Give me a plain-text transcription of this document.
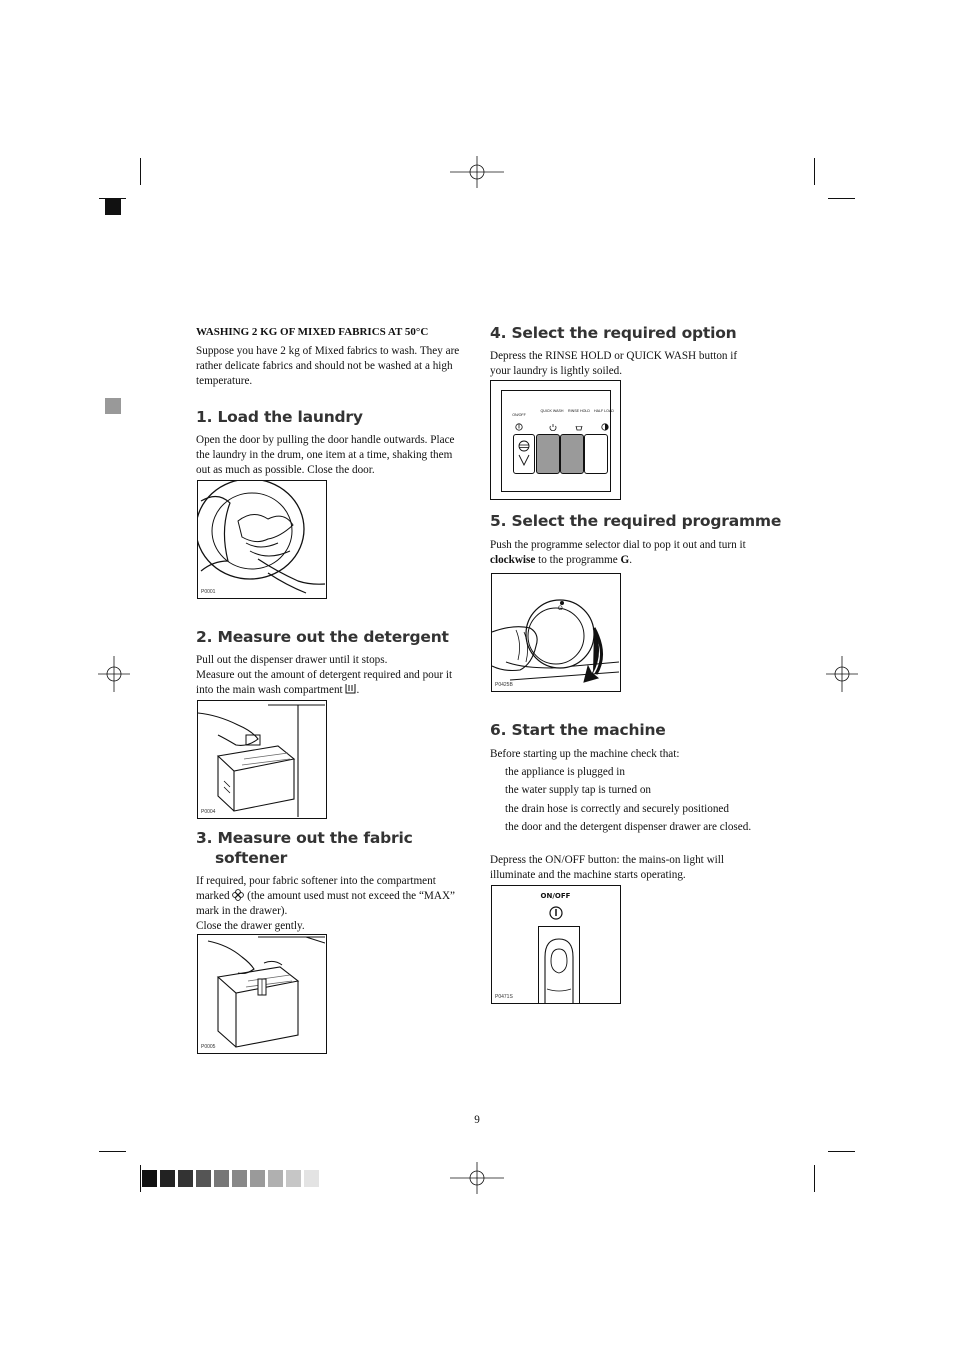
WASHING 2 KG OF MIXED FABRICS AT 50°C
Suppose you have 2 kg of Mixed fabrics to wash. They are rather delicate fabrics and should not be washed at a high temperature.
1. Load the laundry
Open the door by pulling the door handle outwards. Place the laundry in the drum, one item at a time, shaking them out as much as possible. Close the door.
P0001
2. Measure out the detergent
Pull out the dispenser drawer until it stops.
Measure out the amount of detergent required and pour it into the main wash compartment .
P0004
3. Measure out the fabric
softener
If required, pour fabric softener into the compartment marked (the amount used must not exceed the “MAX” mark in the drawer).
Close the drawer gently.
P0005
4. Select the required option
Depress the RINSE HOLD or QUICK WASH button if your laundry is lightly soiled.
ON/OFF
QUICK WASH RINSE HOLD HALF LOAD
5. Select the required programme
Push the programme selector dial to pop it out and turn it clockwise to the programme G.
O
P0425B
6. Start the machine
Before starting up the machine check that:
the appliance is plugged in
the water supply tap is turned on
the drain hose is correctly and securely positioned
the door and the detergent dispenser drawer are closed.
Depress the ON/OFF button: the mains-on light will illuminate and the machine starts operating.
ON/OFF
P0471S
9
